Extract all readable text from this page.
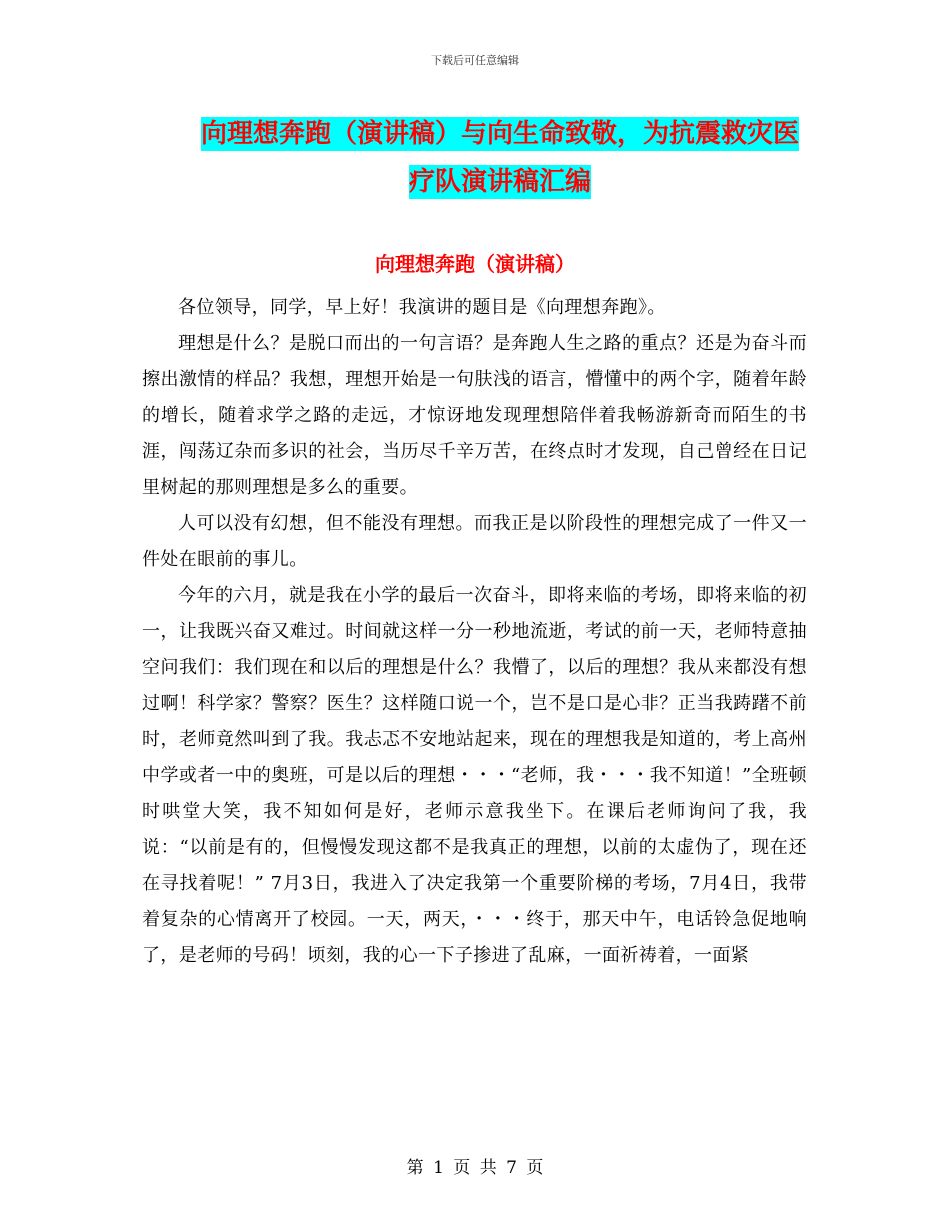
下载后可任意编辑
向理想奔跑（演讲稿）与向生命致敬，为抗震救灾医
疗队演讲稿汇编
向理想奔跑（演讲稿）

各位领导，同学，早上好！我演讲的题目是《向理想奔跑》。

理想是什么？是脱口而出的一句言语？是奔跑人生之路的重点？还是为奋斗而擦出激情的样品？我想，理想开始是一句肤浅的语言，懵懂中的两个字，随着年龄的增长，随着求学之路的走远，才惊讶地发现理想陪伴着我畅游新奇而陌生的书涯，闯荡辽杂而多识的社会，当历尽千辛万苦，在终点时才发现，自己曾经在日记里树起的那则理想是多么的重要。

人可以没有幻想，但不能没有理想。而我正是以阶段性的理想完成了一件又一件处在眼前的事儿。

今年的六月，就是我在小学的最后一次奋斗，即将来临的考场，即将来临的初一，让我既兴奋又难过。时间就这样一分一秒地流逝，考试的前一天，老师特意抽空问我们：我们现在和以后的理想是什么？我懵了，以后的理想？我从来都没有想过啊！科学家？警察？医生？这样随口说一个，岂不是口是心非？正当我踌躇不前时，老师竟然叫到了我。我忐忑不安地站起来，现在的理想我是知道的，考上高州中学或者一中的奥班，可是以后的理想・・・“老师，我・・・我不知道！”全班顿时哄堂大笑，我不知如何是好，老师示意我坐下。在课后老师询问了我，我说：“以前是有的，但慢慢发现这都不是我真正的理想，以前的太虚伪了，现在还在寻找着呢！” 7月3日，我进入了决定我第一个重要阶梯的考场，7月4日，我带着复杂的心情离开了校园。一天，两天，・・・终于，那天中午，电话铃急促地响了，是老师的号码！顷刻，我的心一下子掺进了乱麻，一面祈祷着，一面紧

第 1 页 共 7 页
